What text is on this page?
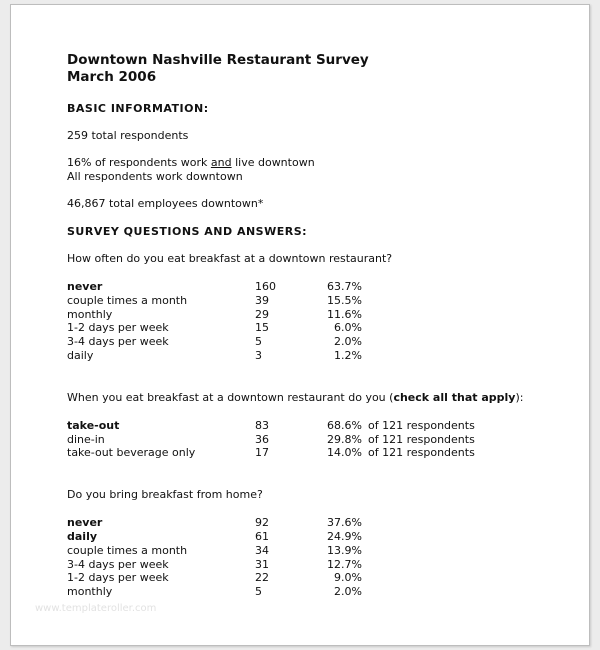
Downtown Nashville Restaurant Survey
March 2006
BASIC INFORMATION:
259 total respondents
16% of respondents work and live downtown
All respondents work downtown
46,867 total employees downtown*
SURVEY QUESTIONS AND ANSWERS:
How often do you eat breakfast at a downtown restaurant?
never	160	63.7%
couple times a month	39	15.5%
monthly	29	11.6%
1-2 days per week	15	6.0%
3-4 days per week	5	2.0%
daily	3	1.2%
When you eat breakfast at a downtown restaurant do you (check all that apply):
take-out	83	68.6%	of 121 respondents
dine-in	36	29.8%	of 121 respondents
take-out beverage only	17	14.0%	of 121 respondents
Do you bring breakfast from home?
never	92	37.6%
daily	61	24.9%
couple times a month	34	13.9%
3-4 days per week	31	12.7%
1-2 days per week	22	9.0%
monthly	5	2.0%
www.templateroller.com
